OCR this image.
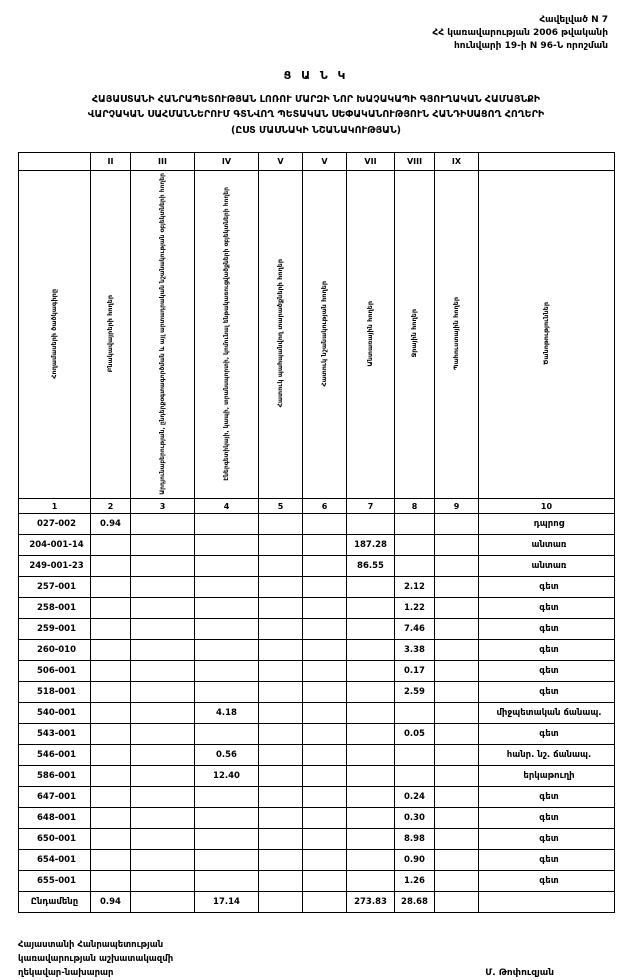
Հավելված N 7
ՀՀ կառավարության 2006 թվականի
հունվարի 19-ի N 96-Ն որոշման
Ց Ա Ն Կ
ՀԱՅԱՍՏԱՆԻ ՀԱՆՐԱՊԵՏՈՒԹՅԱՆ ԼՈՌՈՒ ՄԱՐԶԻ ՆՈՐ ԽԱՉԱԿԱՊԻ ԳՅՈՒՂԱԿԱՆ ՀԱՄԱՅՆՔԻ
ՎԱՐՉԱԿԱՆ ՍԱՀՄԱՆՆԵՐՈՒՄ ԳՏՆՎՈՂ ՊԵՏԱԿԱՆ ՍԵՓԱԿԱՆՈՒԹՅՈՒՆ ՀԱՆԴԻՍԱՑՈՂ ՀՈՂԵՐԻ
(ԸՍՏ ՄԱՍՆԱԿԻ ՆՇԱՆԱԿՈՒԹՅԱՆ)
	II	III	IV	V	V	VII	VIII	IX	
Հողամասերի ծածկագիրը	Բնակավայրերի հողեր	Արդյունաբերության, ընդերքօգտագործման և այլ արտադրական նշանակության օբյեկտների հողեր	Էներգետիկայի, կապի, տրանսպորտի, կոմունալ ենթակառուցվածքների օբյեկտների հողեր	Հատուկ պահպանվող տարածքների հողեր	Հատուկ նշանակության հողեր	Անտառային հողեր	Ջրային հողեր	Պահուստային հողեր	Ծանոթություններ
1	2	3	4	5	6	7	8	9	10
027-002	0.94								դպրոց
204-001-14						187.28			անտառ
249-001-23						86.55			անտառ
257-001							2.12		գետ
258-001							1.22		գետ
259-001							7.46		գետ
260-010							3.38		գետ
506-001							0.17		գետ
518-001							2.59		գետ
540-001			4.18						միջպետական ճանապ.
543-001							0.05		գետ
546-001			0.56						հանր. նշ. ճանապ.
586-001			12.40						երկաթուղի
647-001							0.24		գետ
648-001							0.30		գետ
650-001							8.98		գետ
654-001							0.90		գետ
655-001							1.26		գետ
Ընդամենը	0.94		17.14			273.83	28.68		
Հայաստանի Հանրապետության
կառավարության աշխատակազմի
ղեկավար-նախարար	Մ. Թոփուզյան
